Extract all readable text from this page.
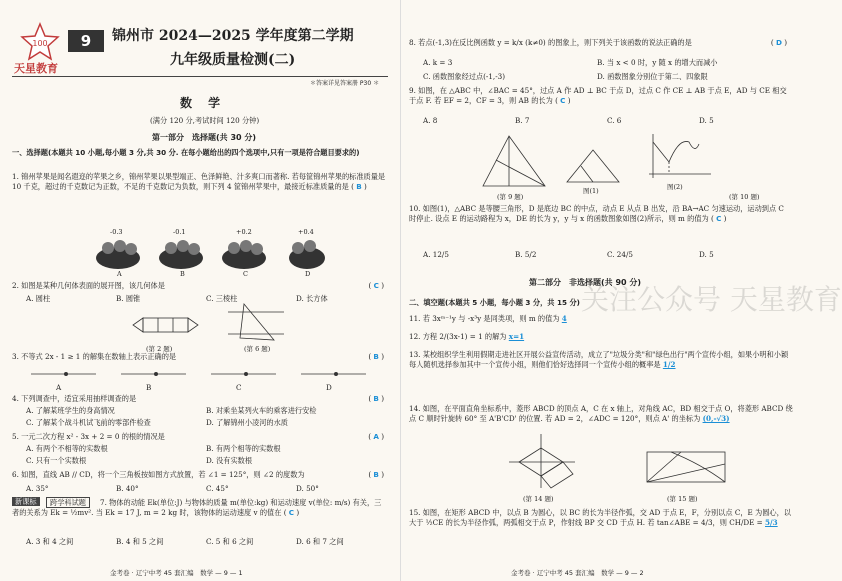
100
天星教育
9	锦州市 2024—2025 学年度第二学期
九年级质量检测(二)
＊答案详见答案册 P30 ＊
数 学
(满分 120 分,考试时间 120 分钟)
第一部分　选择题(共 30 分)
一、选择题(本题共 10 小题,每小题 3 分,共 30 分. 在每小题给出的四个选项中,只有一项是符合题目要求的)
1. 锦州苹果是闻名遐迩的苹果之乡，锦州苹果以果型端正、色泽鲜艳、汁多爽口而著称. 若每筐锦州苹果的标准质量是 10 千克，超过的千克数记为正数，不足的千克数记为负数，则下列 4 筐锦州苹果中，最接近标准质量的是 ( B )
-0.3	-0.1	+0.2	+0.4
A	B	C	D
2. 如图是某种几何体表面的展开图，该几何体是	( C )
A. 圆柱	B. 圆锥	C. 三棱柱	D. 长方体
(第 2 题)	(第 6 题)
3. 不等式 2x - 1 ≥ 1 的解集在数轴上表示正确的是	( B )
A	B	C	D
4. 下列调查中，适宜采用抽样调查的是	( B )
A. 了解某班学生的身高情况	B. 对乘坐某列火车的乘客进行安检
C. 了解某个战斗机试飞前的零部件检查	D. 了解锦州小凌河的水质
5. 一元二次方程 x² - 3x + 2 = 0 的根的情况是	( A )
A. 有两个不相等的实数根	B. 有两个相等的实数根
C. 只有一个实数根	D. 没有实数根
6. 如图，直线 AB // CD，将一个三角板按如图方式放置，若 ∠1 = 125°，则 ∠2 的度数为	( B )
A. 35°	B. 40°	C. 45°	D. 50°
新课标	跨学科试题	7. 物体的动能 Ek(单位:J) 与物体的质量 m(单位:kg) 和运动速度 v(单位: m/s) 有关，三者的关系为 Ek = ½mv². 当 Ek = 17 J, m = 2 kg 时，该物体的运动速度 v 的值在 ( C )
A. 3 和 4 之间	B. 4 和 5 之间	C. 5 和 6 之间	D. 6 和 7 之间
金考卷 · 辽宁中考 45 套汇编　数学 — 9 — 1
8. 若点(-1,3)在反比例函数 y = k/x (k≠0) 的图象上，则下列关于该函数的说法正确的是	( D )
A. k = 3	B. 当 x < 0 时，y 随 x 的增大而减小
C. 函数图象经过点(-1,-3)	D. 函数图象分别位于第二、四象限
9. 如图，在 △ABC 中，∠BAC = 45°，过点 A 作 AD ⊥ BC 于点 D，过点 C 作 CE ⊥ AB 于点 E，AD 与 CE 相交于点 F. 若 EF = 2，CF = 3，则 AB 的长为 ( C )
A. 8	B. 7	C. 6	D. 5
(第 9 题)
图(1)	图(2)
(第 10 题)
10. 如图(1)，△ABC 是等腰三角形，D 是底边 BC 的中点，动点 E 从点 B 出发，沿 BA→AC 匀速运动，运动到点 C 时停止. 设点 E 的运动路程为 x，DE 的长为 y，y 与 x 的函数图象如图(2)所示，则 m 的值为 ( C )
A. 12/5	B. 5/2	C. 24/5	D. 5
第二部分　非选择题(共 90 分)
关注公众号 天星教育
二、填空题(本题共 5 小题，每小题 3 分，共 15 分)
11. 若 3xᵐ⁻¹y 与 -x³y 是同类项，则 m 的值为 4
12. 方程 2/(3x-1) = 1 的解为 x=1
13. 某校组织学生利用假期走进社区开展公益宣传活动，成立了"垃圾分类"和"绿色出行"两个宣传小组，如果小明和小颖每人随机选择参加其中一个宣传小组，则他们恰好选择同一个宣传小组的概率是 1/2
14. 如图，在平面直角坐标系中，菱形 ABCD 的顶点 A，C 在 x 轴上，对角线 AC，BD 相交于点 O，将菱形 ABCD 绕点 C 顺时针旋转 60° 至 A'B'CD' 的位置. 若 AD = 2，∠ADC = 120°，则点 A' 的坐标为 (0,-√3)
(第 14 题)	(第 15 题)
15. 如图，在矩形 ABCD 中，以点 B 为圆心，以 BC 的长为半径作弧，交 AD 于点 E，F，分别以点 C，E 为圆心，以大于 ½CE 的长为半径作弧，两弧相交于点 P，作射线 BP 交 CD 于点 H. 若 tan∠ABE = 4/3，则 CH/DE = 5/3
金考卷 · 辽宁中考 45 套汇编　数学 — 9 — 2
